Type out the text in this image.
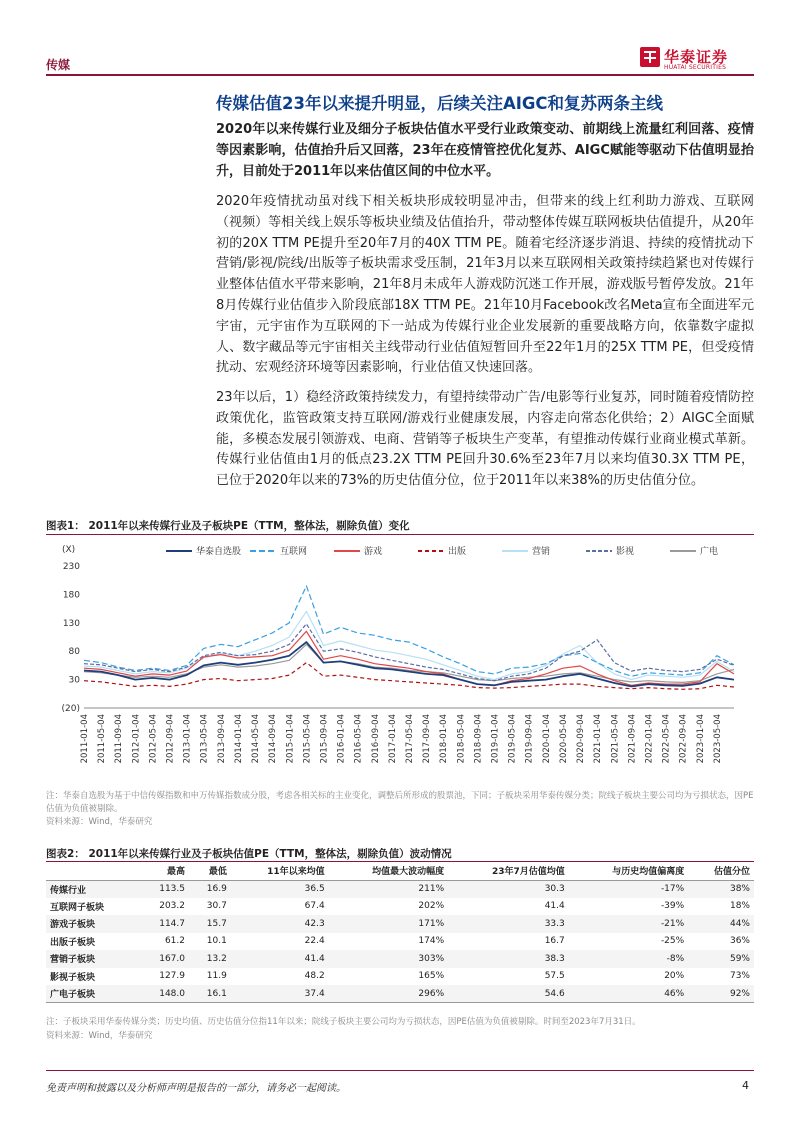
传媒	华泰证券
HUATAI SECURITIES
传媒估值23年以来提升明显，后续关注AIGC和复苏两条主线

2020年以来传媒行业及细分子板块估值水平受行业政策变动、前期线上流量红利回落、疫情等因素影响，估值抬升后又回落，23年在疫情管控优化复苏、AIGC赋能等驱动下估值明显抬升，目前处于2011年以来估值区间的中位水平。

2020年疫情扰动虽对线下相关板块形成较明显冲击，但带来的线上红利助力游戏、互联网（视频）等相关线上娱乐等板块业绩及估值抬升，带动整体传媒互联网板块估值提升，从20年初的20X TTM PE提升至20年7月的40X TTM PE。随着宅经济逐步消退、持续的疫情扰动下营销/影视/院线/出版等子板块需求受压制，21年3月以来互联网相关政策持续趋紧也对传媒行业整体估值水平带来影响，21年8月未成年人游戏防沉迷工作开展，游戏版号暂停发放。21年8月传媒行业估值步入阶段底部18X TTM PE。21年10月Facebook改名Meta宣布全面进军元宇宙，元宇宙作为互联网的下一站成为传媒行业企业发展新的重要战略方向，依靠数字虚拟人、数字藏品等元宇宙相关主线带动行业估值短暂回升至22年1月的25X TTM PE，但受疫情扰动、宏观经济环境等因素影响，行业估值又快速回落。

23年以后，1）稳经济政策持续发力，有望持续带动广告/电影等行业复苏，同时随着疫情防控政策优化，监管政策支持互联网/游戏行业健康发展，内容走向常态化供给；2）AIGC全面赋能，多模态发展引领游戏、电商、营销等子板块生产变革，有望推动传媒行业商业模式革新。传媒行业估值由1月的低点23.2X TTM PE回升30.6%至23年7月以来均值30.3X TTM PE，已位于2020年以来的73%的历史估值分位，位于2011年以来38%的历史估值分位。

图表1： 2011年以来传媒行业及子板块PE（TTM，整体法，剔除负值）变化
(X)
230
180
130
80
30
(20)
华泰自选股	互联网	游戏	出版	营销	影视	广电
2011-01-04 2011-05-04 2011-09-04 2012-01-04 2012-05-04 2012-09-04 2013-01-04 2013-05-04 2013-09-04 2014-01-04 2014-05-04 2014-09-04 2015-01-04 2015-05-04 2015-09-04 2016-01-04 2016-05-04 2016-09-04 2017-01-04 2017-05-04 2017-09-04 2018-01-04 2018-05-04 2018-09-04 2019-01-04 2019-05-04 2019-09-04 2020-01-04 2020-05-04 2020-09-04 2021-01-04 2021-05-04 2021-09-04 2022-01-04 2022-05-04 2022-09-04 2023-01-04 2023-05-04
注：华泰自选股为基于中信传媒指数和申万传媒指数成分股，考虑各相关标的主业变化，调整后所形成的股票池，下同；子板块采用华泰传媒分类；院线子板块主要公司均为亏损状态，因PE估值为负值被剔除。
资料来源：Wind，华泰研究
图表2： 2011年以来传媒行业及子板块估值PE（TTM，整体法，剔除负值）波动情况
	最高	最低	11年以来均值	均值最大波动幅度	23年7月估值均值	与历史均值偏离度	估值分位
传媒行业	113.5	16.9	36.5	211%	30.3	-17%	38%
互联网子板块	203.2	30.7	67.4	202%	41.4	-39%	18%
游戏子板块	114.7	15.7	42.3	171%	33.3	-21%	44%
出版子板块	61.2	10.1	22.4	174%	16.7	-25%	36%
营销子板块	167.0	13.2	41.4	303%	38.3	-8%	59%
影视子板块	127.9	11.9	48.2	165%	57.5	20%	73%
广电子板块	148.0	16.1	37.4	296%	54.6	46%	92%
注：子板块采用华泰传媒分类；历史均值、历史估值分位指11年以来；院线子板块主要公司均为亏损状态，因PE估值为负值被剔除。时间至2023年7月31日。
资料来源：Wind，华泰研究
免责声明和披露以及分析师声明是报告的一部分，请务必一起阅读。	4
